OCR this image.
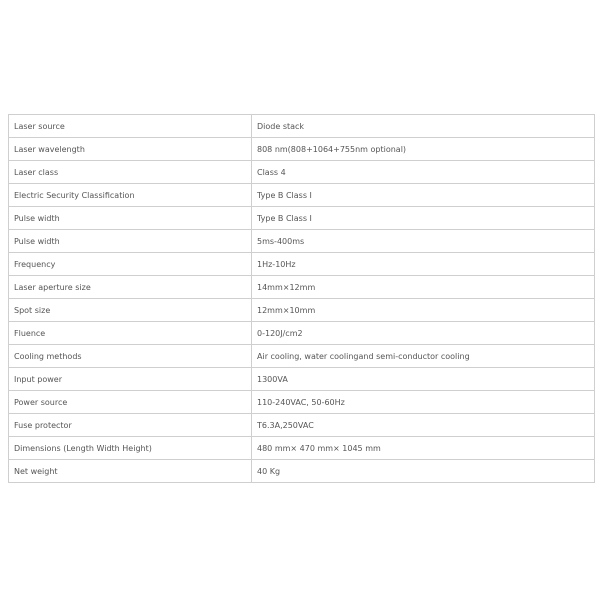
Laser source	Diode stack
Laser wavelength	808 nm(808+1064+755nm optional)
Laser class	Class 4
Electric Security Classification	Type B Class I
Pulse width	Type B Class I
Pulse width	5ms-400ms
Frequency	1Hz-10Hz
Laser aperture size	14mm×12mm
Spot size	12mm×10mm
Fluence	0-120J/cm2
Cooling methods	Air cooling, water coolingand semi-conductor cooling
Input power	1300VA
Power source	110-240VAC, 50-60Hz
Fuse protector	T6.3A,250VAC
Dimensions (Length Width Height)	480 mm× 470 mm× 1045 mm
Net weight	40 Kg
